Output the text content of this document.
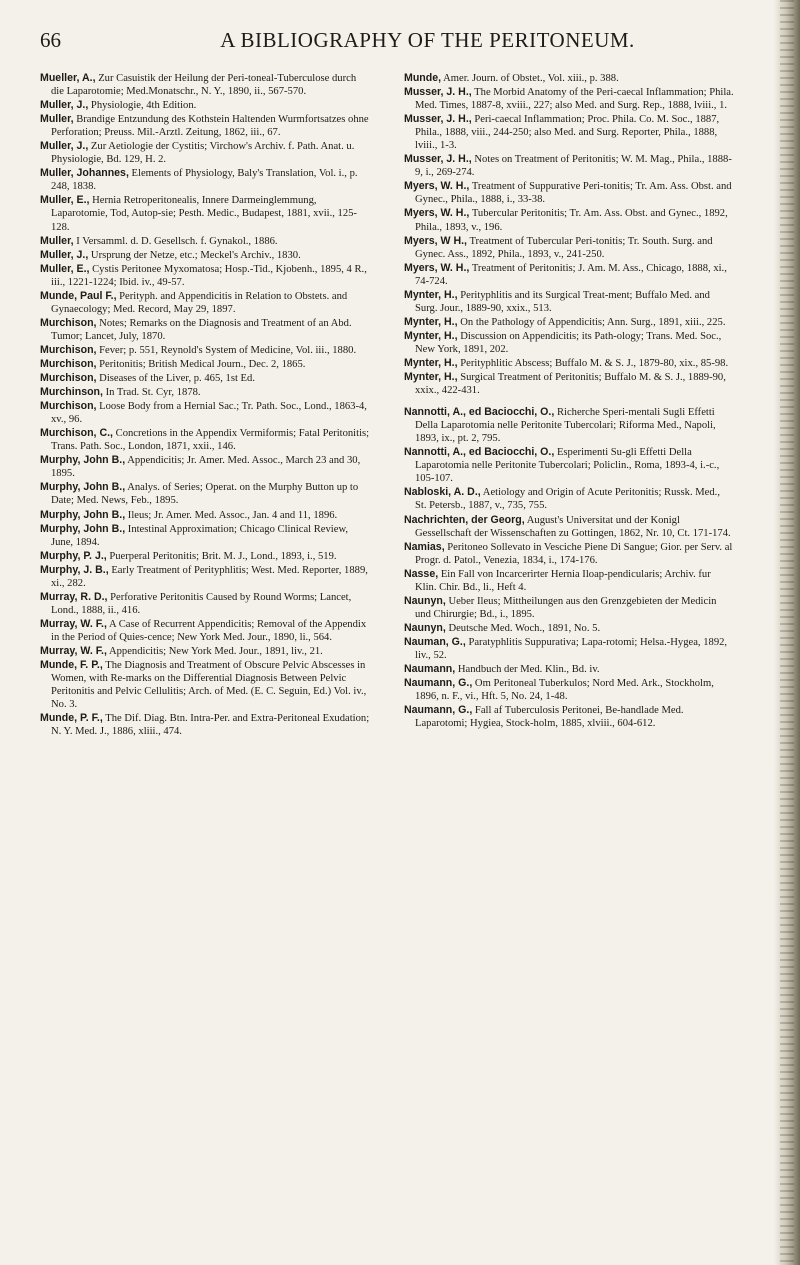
66	A BIBLIOGRAPHY OF THE PERITONEUM.
Mueller, A., Zur Casuistik der Heilung der Peri-toneal-Tuberculose durch die Laparotomie; Med.Monatschr., N. Y., 1890, ii., 567-570.
Muller, J., Physiologie, 4th Edition.
Muller, Brandige Entzundung des Kothstein Haltenden Wurmfortsatzes ohne Perforation; Preuss. Mil.-Arztl. Zeitung, 1862, iii., 67.
Muller, J., Zur Aetiologie der Cystitis; Virchow's Archiv. f. Path. Anat. u. Physiologie, Bd. 129, H. 2.
Muller, Johannes, Elements of Physiology, Baly's Translation, Vol. i., p. 248, 1838.
Muller, E., Hernia Retroperitonealis, Innere Darmeinglemmung, Laparotomie, Tod, Autop-sie; Pesth. Medic., Budapest, 1881, xvii., 125-128.
Muller, I Versamml. d. D. Gesellsch. f. Gynakol., 1886.
Muller, J., Ursprung der Netze, etc.; Meckel's Archiv., 1830.
Muller, E., Cystis Peritonee Myxomatosa; Hosp.-Tid., Kjobenh., 1895, 4 R., iii., 1221-1224; Ibid. iv., 49-57.
Munde, Paul F., Perityph. and Appendicitis in Relation to Obstets. and Gynaecology; Med. Record, May 29, 1897.
Murchison, Notes; Remarks on the Diagnosis and Treatment of an Abd. Tumor; Lancet, July, 1870.
Murchison, Fever; p. 551, Reynold's System of Medicine, Vol. iii., 1880.
Murchison, Peritonitis; British Medical Journ., Dec. 2, 1865.
Murchison, Diseases of the Liver, p. 465, 1st Ed.
Murchinson, In Trad. St. Cyr, 1878.
Murchison, Loose Body from a Hernial Sac.; Tr. Path. Soc., Lond., 1863-4, xv., 96.
Murchison, C., Concretions in the Appendix Vermiformis; Fatal Peritonitis; Trans. Path. Soc., London, 1871, xxii., 146.
Murphy, John B., Appendicitis; Jr. Amer. Med. Assoc., March 23 and 30, 1895.
Murphy, John B., Analys. of Series; Operat. on the Murphy Button up to Date; Med. News, Feb., 1895.
Murphy, John B., Ileus; Jr. Amer. Med. Assoc., Jan. 4 and 11, 1896.
Murphy, John B., Intestinal Approximation; Chicago Clinical Review, June, 1894.
Murphy, P. J., Puerperal Peritonitis; Brit. M. J., Lond., 1893, i., 519.
Murphy, J. B., Early Treatment of Perityphlitis; West. Med. Reporter, 1889, xi., 282.
Murray, R. D., Perforative Peritonitis Caused by Round Worms; Lancet, Lond., 1888, ii., 416.
Murray, W. F., A Case of Recurrent Appendicitis; Removal of the Appendix in the Period of Quies-cence; New York Med. Jour., 1890, li., 564.
Murray, W. F., Appendicitis; New York Med. Jour., 1891, liv., 21.
Munde, F. P., The Diagnosis and Treatment of Obscure Pelvic Abscesses in Women, with Re-marks on the Differential Diagnosis Between Pelvic Peritonitis and Pelvic Cellulitis; Arch. of Med. (E. C. Seguin, Ed.) Vol. iv., No. 3.
Munde, P. F., The Dif. Diag. Btn. Intra-Per. and Extra-Peritoneal Exudation; N. Y. Med. J., 1886, xliii., 474.
Munde, Amer. Journ. of Obstet., Vol. xiii., p. 388.
Musser, J. H., The Morbid Anatomy of the Peri-caecal Inflammation; Phila. Med. Times, 1887-8, xviii., 227; also Med. and Surg. Rep., 1888, lviii., 1.
Musser, J. H., Peri-caecal Inflammation; Proc. Phila. Co. M. Soc., 1887, Phila., 1888, viii., 244-250; also Med. and Surg. Reporter, Phila., 1888, lviii., 1-3.
Musser, J. H., Notes on Treatment of Peritonitis; W. M. Mag., Phila., 1888-9, i., 269-274.
Myers, W. H., Treatment of Suppurative Peri-tonitis; Tr. Am. Ass. Obst. and Gynec., Phila., 1888, i., 33-38.
Myers, W. H., Tubercular Peritonitis; Tr. Am. Ass. Obst. and Gynec., 1892, Phila., 1893, v., 196.
Myers, W H., Treatment of Tubercular Peri-tonitis; Tr. South. Surg. and Gynec. Ass., 1892, Phila., 1893, v., 241-250.
Myers, W. H., Treatment of Peritonitis; J. Am. M. Ass., Chicago, 1888, xi., 74-724.
Mynter, H., Perityphlitis and its Surgical Treat-ment; Buffalo Med. and Surg. Jour., 1889-90, xxix., 513.
Mynter, H., On the Pathology of Appendicitis; Ann. Surg., 1891, xiii., 225.
Mynter, H., Discussion on Appendicitis; its Path-ology; Trans. Med. Soc., New York, 1891, 202.
Mynter, H., Perityphlitic Abscess; Buffalo M. & S. J., 1879-80, xix., 85-98.
Mynter, H., Surgical Treatment of Peritonitis; Buffalo M. & S. J., 1889-90, xxix., 422-431.
Nannotti, A., ed Baciocchi, O., Richerche Speri-mentali Sugli Effetti Della Laparotomia nelle Peritonite Tubercolari; Riforma Med., Napoli, 1893, ix., pt. 2, 795.
Nannotti, A., ed Baciocchi, O., Esperimenti Su-gli Effetti Della Laparotomia nelle Peritonite Tubercolari; Policlin., Roma, 1893-4, i.-c., 105-107.
Nabloski, A. D., Aetiology and Origin of Acute Peritonitis; Russk. Med., St. Petersb., 1887, v., 735, 755.
Nachrichten, der Georg, August's Universitat und der Konigl Gessellschaft der Wissenschaften zu Gottingen, 1862, Nr. 10, Ct. 171-174.
Namias, Peritoneo Sollevato in Vesciche Piene Di Sangue; Gior. per Serv. al Progr. d. Patol., Venezia, 1834, i., 174-176.
Nasse, Ein Fall von Incarcerirter Hernia Iloap-pendicularis; Archiv. fur Klin. Chir. Bd., li., Heft 4.
Naunyn, Ueber Ileus; Mittheilungen aus den Grenzgebieten der Medicin und Chirurgie; Bd., i., 1895.
Naunyn, Deutsche Med. Woch., 1891, No. 5.
Nauman, G., Paratyphlitis Suppurativa; Lapa-rotomi; Helsa.-Hygea, 1892, liv., 52.
Naumann, Handbuch der Med. Klin., Bd. iv.
Naumann, G., Om Peritoneal Tuberkulos; Nord Med. Ark., Stockholm, 1896, n. F., vi., Hft. 5, No. 24, 1-48.
Naumann, G., Fall af Tuberculosis Peritonei, Be-handlade Med. Laparotomi; Hygiea, Stock-holm, 1885, xlviii., 604-612.
